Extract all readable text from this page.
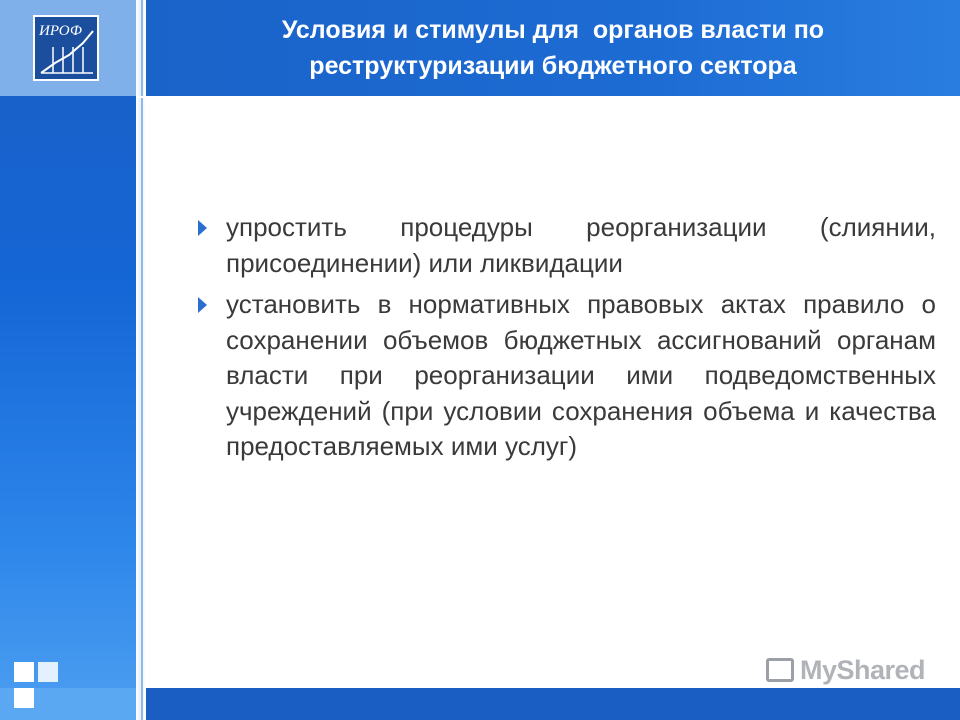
ИРОФ	Условия и стимулы для  органов власти по
реструктуризации бюджетного сектора
упростить процедуры реорганизации (слиянии, присоединении) или ликвидации
установить в нормативных правовых актах правило о сохранении объемов бюджетных ассигнований органам власти при реорганизации ими подведомственных учреждений (при условии сохранения объема и качества предоставляемых ими услуг)
MyShared
